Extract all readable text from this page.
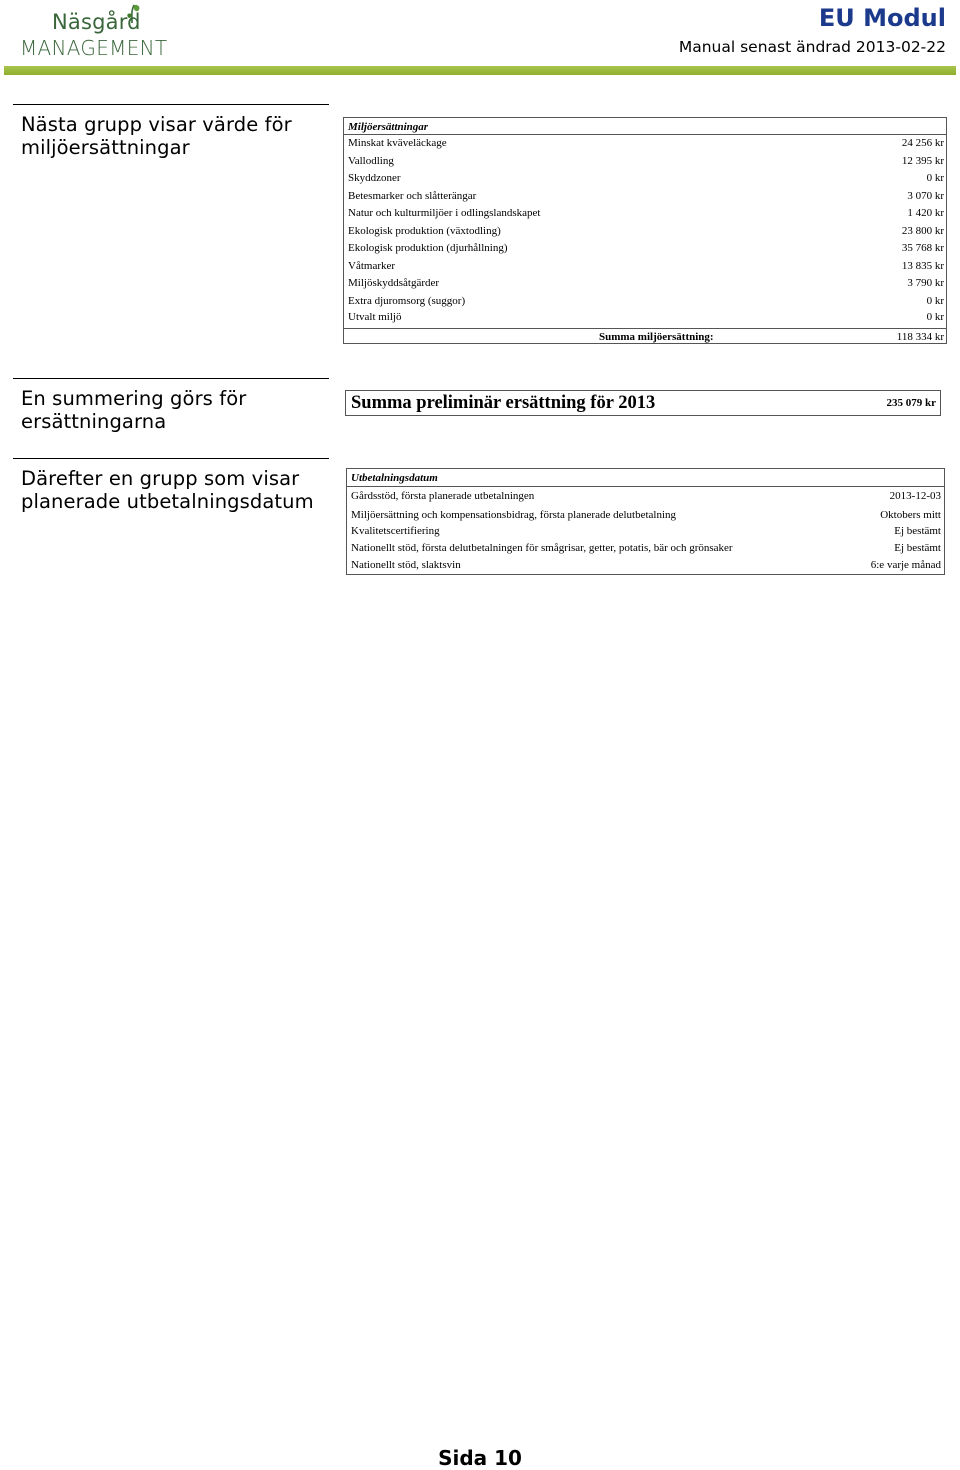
Näsgård
MANAGEMENT
EU Modul
Manual senast ändrad 2013-02-22
Nästa grupp visar värde för miljöersättningar
Miljöersättningar
Minskat kväveläckage	24 256 kr
Vallodling	12 395 kr
Skyddzoner	0 kr
Betesmarker och slåtterängar	3 070 kr
Natur och kulturmiljöer i odlingslandskapet	1 420 kr
Ekologisk produktion (växtodling)	23 800 kr
Ekologisk produktion (djurhållning)	35 768 kr
Våtmarker	13 835 kr
Miljöskyddsåtgärder	3 790 kr
Extra djuromsorg (suggor)	0 kr
Utvalt miljö	0 kr
Summa miljöersättning:	118 334 kr
En summering görs för ersättningarna
Summa preliminär ersättning för 2013	235 079 kr
Därefter en grupp som visar planerade utbetalningsdatum
Utbetalningsdatum
Gårdsstöd, första planerade utbetalningen	2013-12-03
Miljöersättning och kompensationsbidrag, första planerade delutbetalning	Oktobers mitt
Kvalitetscertifiering	Ej bestämt
Nationellt stöd, första delutbetalningen för smågrisar, getter, potatis, bär och grönsaker	Ej bestämt
Nationellt stöd, slaktsvin	6:e varje månad
Sida 10
